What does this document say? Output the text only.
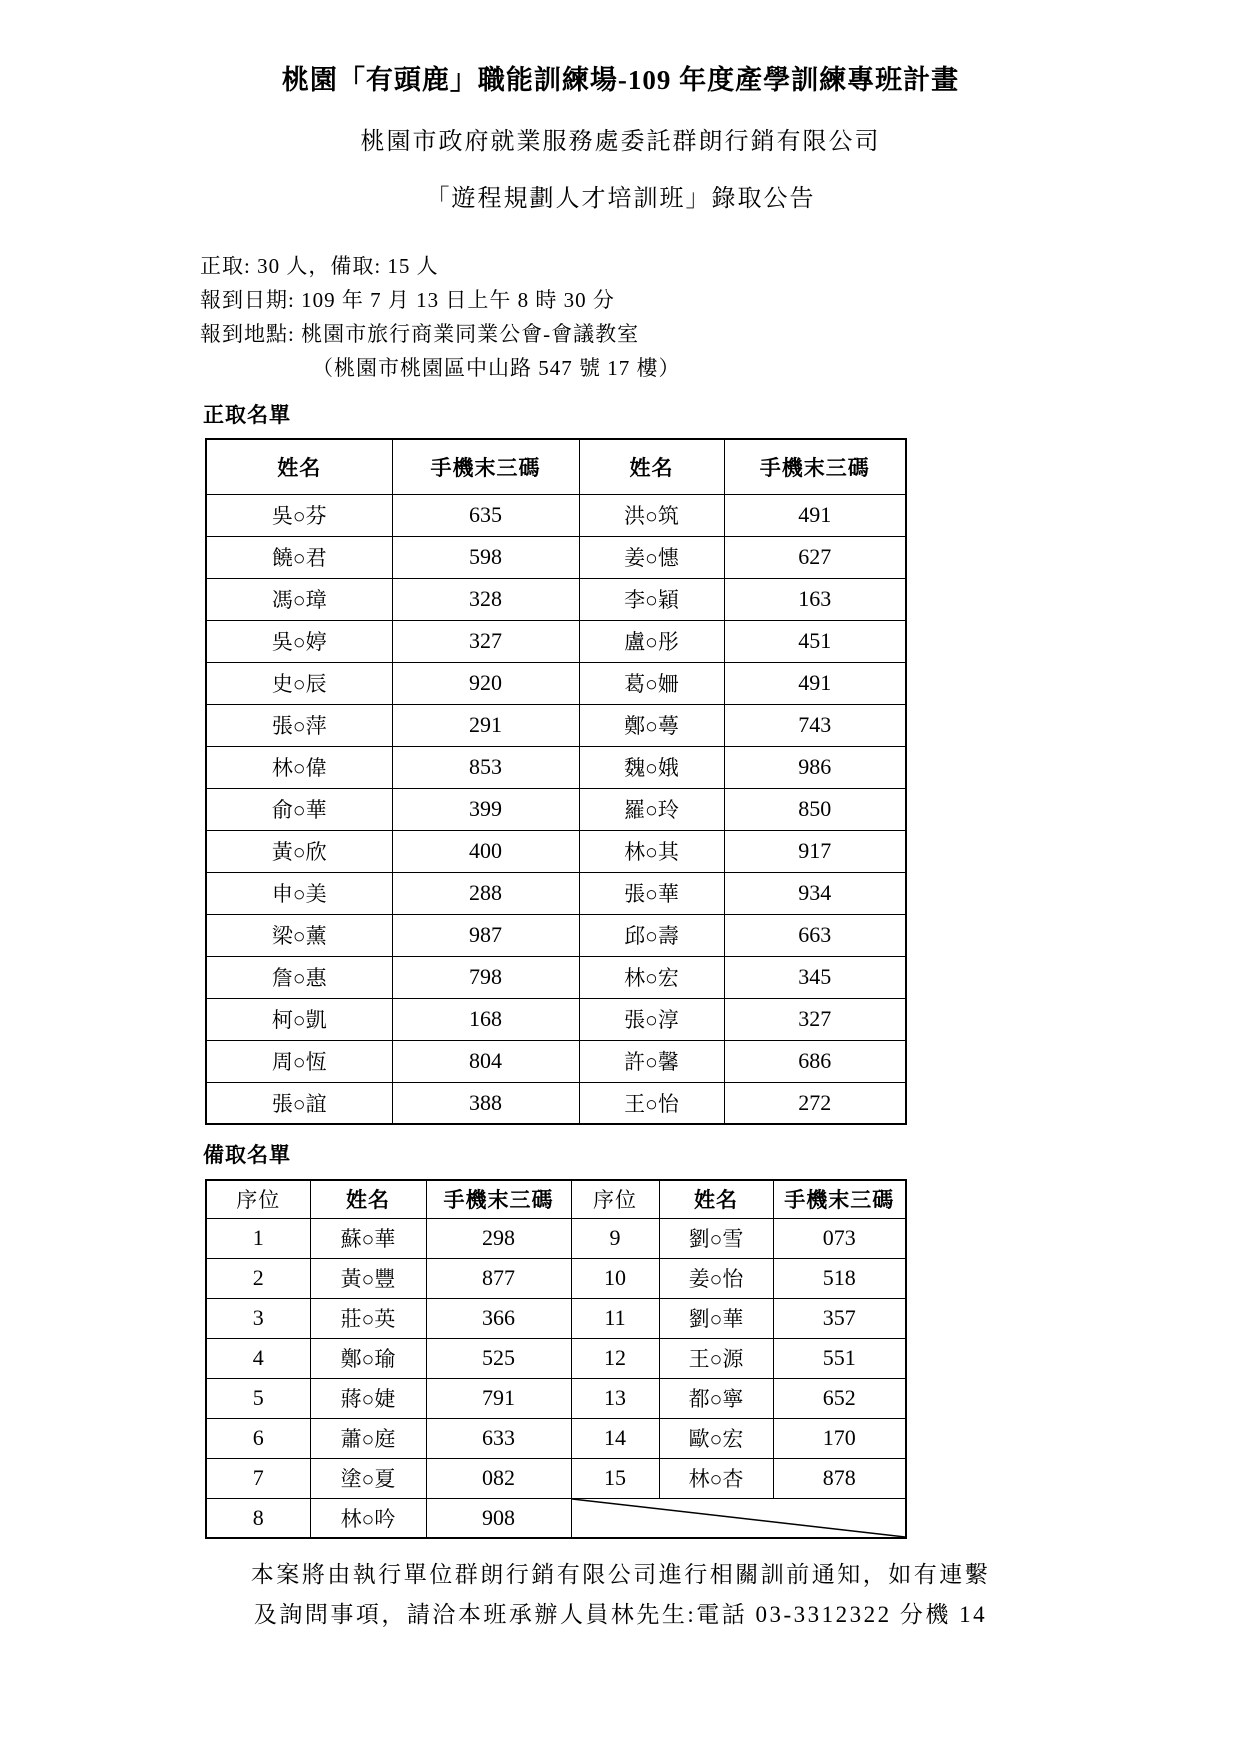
桃園「有頭鹿」職能訓練場-109 年度產學訓練專班計畫
桃園市政府就業服務處委託群朗行銷有限公司
「遊程規劃人才培訓班」錄取公告
正取: 30 人，備取: 15 人
報到日期: 109 年 7 月 13 日上午 8 時 30 分
報到地點: 桃園市旅行商業同業公會-會議教室
（桃園市桃園區中山路 547 號 17 樓）
正取名單
姓名	手機末三碼	姓名	手機末三碼
吳○芬	635	洪○筑	491
饒○君	598	姜○憓	627
馮○璋	328	李○穎	163
吳○婷	327	盧○彤	451
史○辰	920	葛○姍	491
張○萍	291	鄭○蕚	743
林○偉	853	魏○娥	986
俞○華	399	羅○玲	850
黃○欣	400	林○其	917
申○美	288	張○華	934
梁○薰	987	邱○壽	663
詹○惠	798	林○宏	345
柯○凱	168	張○淳	327
周○恆	804	許○馨	686
張○誼	388	王○怡	272
備取名單
序位	姓名	手機末三碼	序位	姓名	手機末三碼
1	蘇○華	298	9	劉○雪	073
2	黃○豐	877	10	姜○怡	518
3	莊○英	366	11	劉○華	357
4	鄭○瑜	525	12	王○源	551
5	蔣○婕	791	13	都○寧	652
6	蕭○庭	633	14	歐○宏	170
7	塗○夏	082	15	林○杏	878
8	林○吟	908	
本案將由執行單位群朗行銷有限公司進行相關訓前通知，如有連繫
及詢問事項，請洽本班承辦人員林先生:電話 03-3312322 分機 14
